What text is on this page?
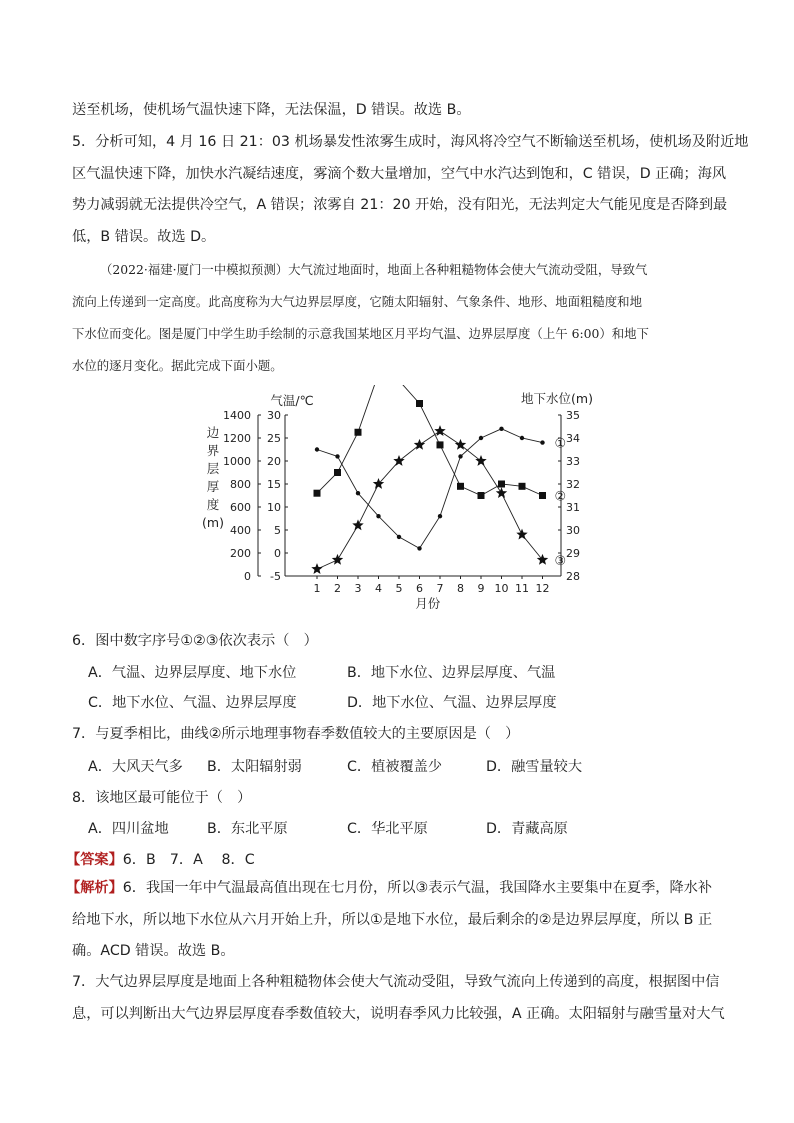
送至机场，使机场气温快速下降，无法保温，D 错误。故选 B。

5．分析可知，4 月 16 日 21：03 机场暴发性浓雾生成时，海风将冷空气不断输送至机场，使机场及附近地
区气温快速下降，加快水汽凝结速度，雾滴个数大量增加，空气中水汽达到饱和，C 错误，D 正确；海风
势力减弱就无法提供冷空气，A 错误；浓雾自 21：20 开始，没有阳光，无法判定大气能见度是否降到最
低，B 错误。故选 D。

（2022·福建·厦门一中模拟预测）大气流过地面时，地面上各种粗糙物体会使大气流动受阻，导致气
流向上传递到一定高度。此高度称为大气边界层厚度，它随太阳辐射、气象条件、地形、地面粗糙度和地
下水位而变化。图是厦门中学生助手绘制的示意我国某地区月平均气温、边界层厚度（上午 6:00）和地下
水位的逐月变化。据此完成下面小题。

0
200
400
600
800
1000
1200
1400
-5
0
5
10
15
20
25
30
28
29
30
31
32
33
34
35
1 2 3 4 5 6 7 8 9 10 11 12
气温/℃	地下水位(m)
月份
边
界
层
厚
度
(m)
①
②
③

6．图中数字序号①②③依次表示（　）

A．气温、边界层厚度、地下水位	B．地下水位、边界层厚度、气温

C．地下水位、气温、边界层厚度	D．地下水位、气温、边界层厚度

7．与夏季相比，曲线②所示地理事物春季数值较大的主要原因是（　）

A．大风天气多 B．太阳辐射弱	C．植被覆盖少	D．融雪量较大

8．该地区最可能位于（　）

A．四川盆地	B．东北平原	C．华北平原	D．青藏高原

【答案】6．B　7．A　 8．C

【解析】6．我国一年中气温最高值出现在七月份，所以③表示气温，我国降水主要集中在夏季，降水补
给地下水，所以地下水位从六月开始上升，所以①是地下水位，最后剩余的②是边界层厚度，所以 B 正
确。ACD 错误。故选 B。

7．大气边界层厚度是地面上各种粗糙物体会使大气流动受阻，导致气流向上传递到的高度，根据图中信
息，可以判断出大气边界层厚度春季数值较大，说明春季风力比较强，A 正确。太阳辐射与融雪量对大气
